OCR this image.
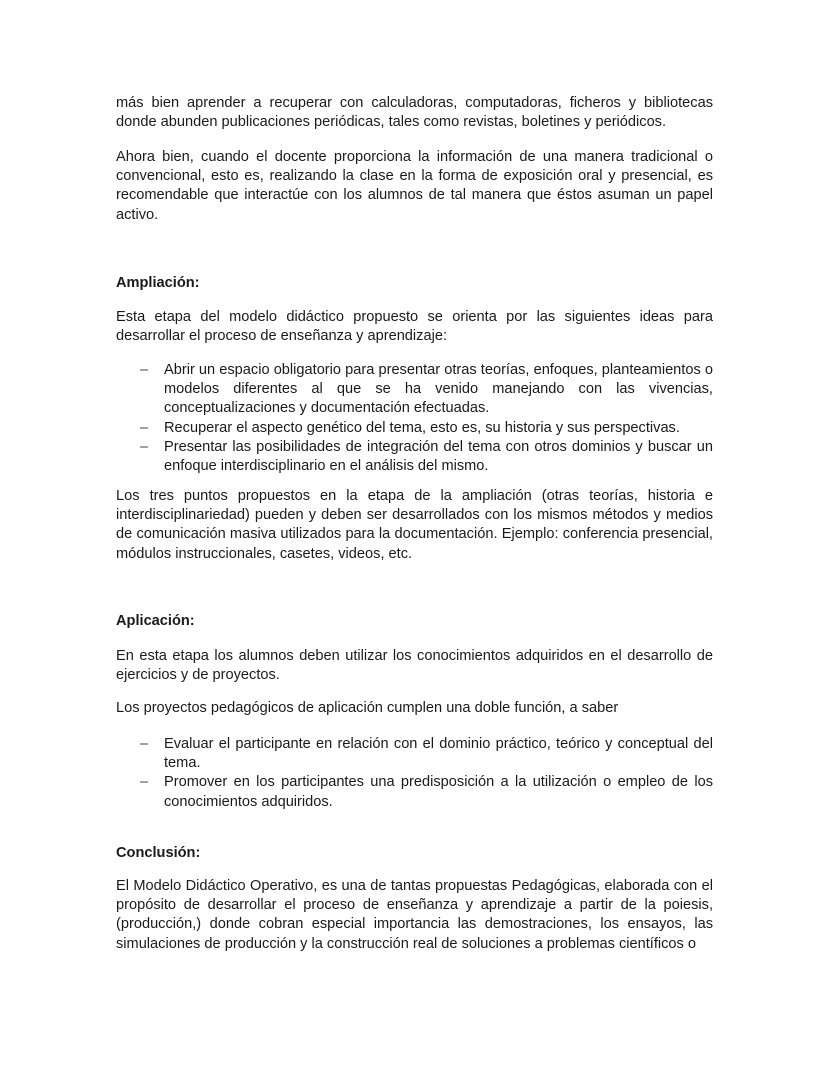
más bien aprender a recuperar con calculadoras, computadoras, ficheros y bibliotecas donde abunden publicaciones periódicas, tales como revistas, boletines y periódicos.

Ahora bien, cuando el docente proporciona la información de una manera tradicional o convencional, esto es, realizando la clase en la forma de exposición oral y presencial, es recomendable que interactúe con los alumnos de tal manera que éstos asuman un papel activo.

Ampliación:

Esta etapa del modelo didáctico propuesto se orienta por las siguientes ideas para desarrollar el proceso de enseñanza y aprendizaje:

– Abrir un espacio obligatorio para presentar otras teorías, enfoques, planteamientos o modelos diferentes al que se ha venido manejando con las vivencias, conceptualizaciones y documentación efectuadas.
– Recuperar el aspecto genético del tema, esto es, su historia y sus perspectivas.
– Presentar las posibilidades de integración del tema con otros dominios y buscar un enfoque interdisciplinario en el análisis del mismo.

Los tres puntos propuestos en la etapa de la ampliación (otras teorías, historia e interdisciplinariedad) pueden y deben ser desarrollados con los mismos métodos y medios de comunicación masiva utilizados para la documentación. Ejemplo: conferencia presencial, módulos instruccionales, casetes, videos, etc.

Aplicación:

En esta etapa los alumnos deben utilizar los conocimientos adquiridos en el desarrollo de ejercicios y de proyectos.

Los proyectos pedagógicos de aplicación cumplen una doble función, a saber

– Evaluar el participante en relación con el dominio práctico, teórico y conceptual del tema.
– Promover en los participantes una predisposición a la utilización o empleo de los conocimientos adquiridos.

Conclusión:

El Modelo Didáctico Operativo, es una de tantas propuestas Pedagógicas, elaborada con el propósito de desarrollar el proceso de enseñanza y aprendizaje a partir de la poiesis, (producción,) donde cobran especial importancia las demostraciones, los ensayos, las simulaciones de producción y la construcción real de soluciones a problemas científicos o
